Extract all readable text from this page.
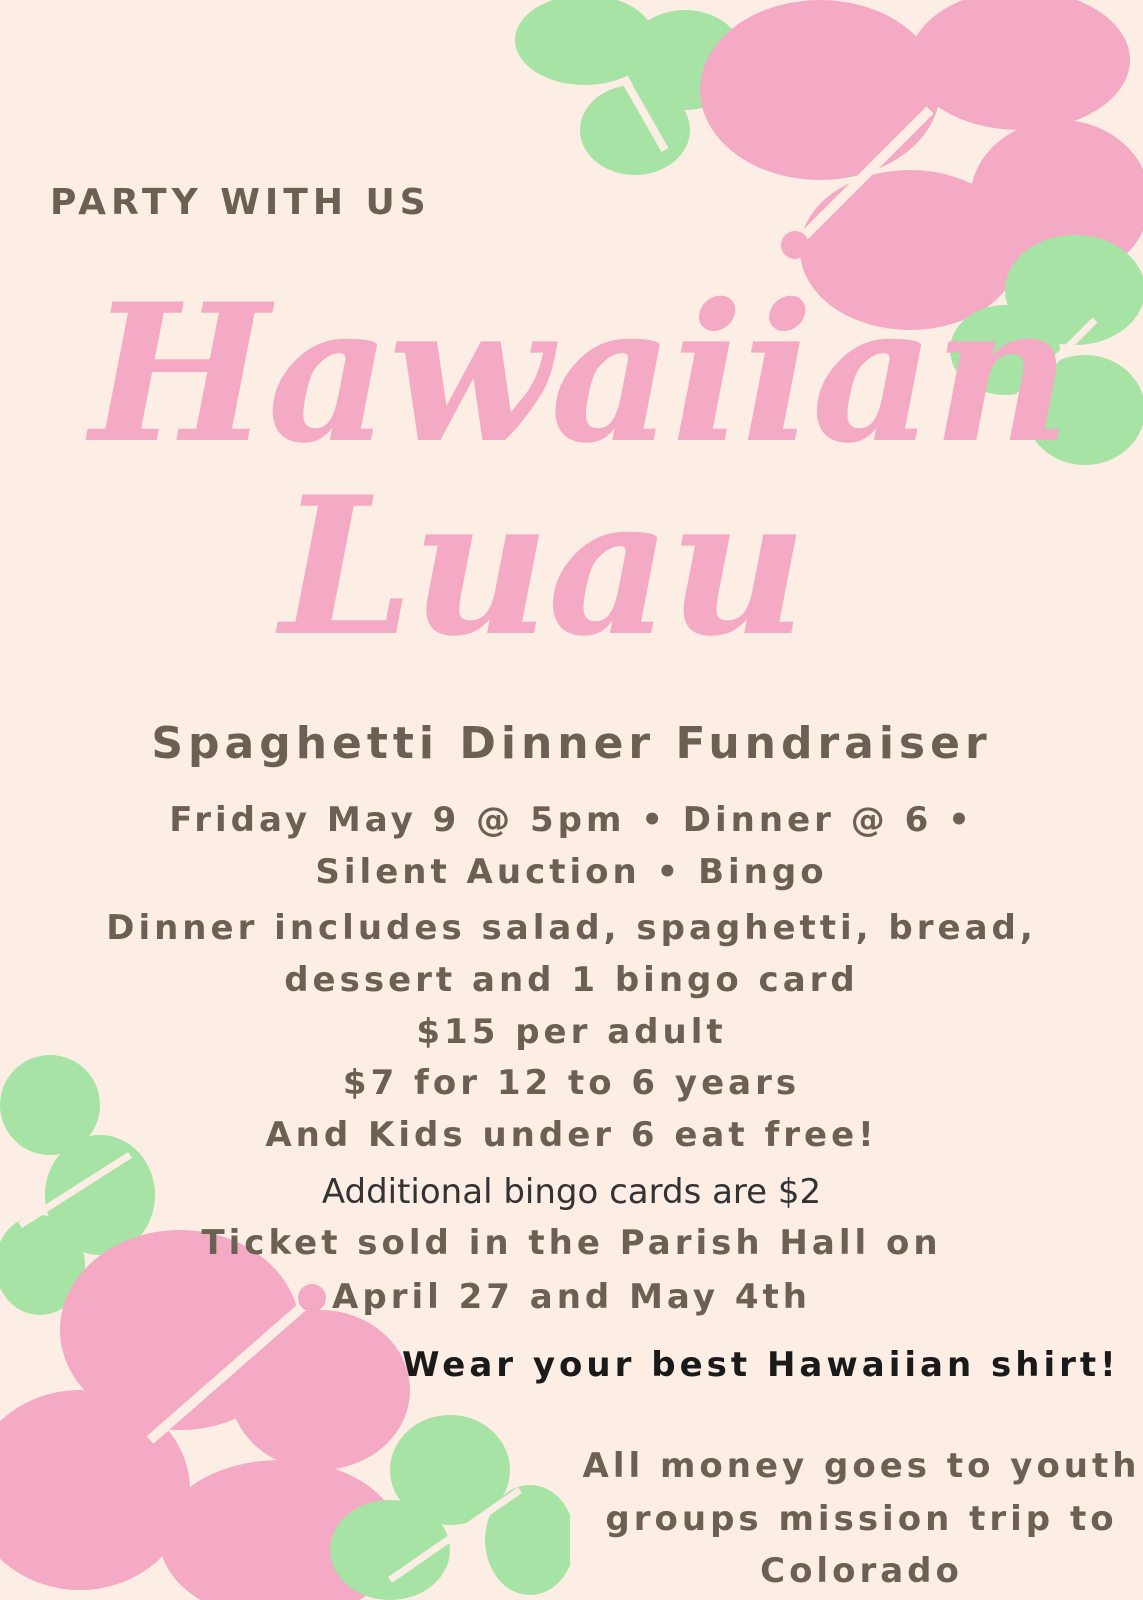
PARTY WITH US
Hawaiian
Luau
Spaghetti Dinner Fundraiser
Friday May 9 @ 5pm • Dinner @ 6 •
Silent Auction • Bingo
Dinner includes salad, spaghetti, bread,
dessert and 1 bingo card
$15 per adult
$7 for 12 to 6 years
And Kids under 6 eat free!
Additional bingo cards are $2
Ticket sold in the Parish Hall on
April 27 and May 4th
Wear your best Hawaiian shirt!
All money goes to youth
groups mission trip to
Colorado
